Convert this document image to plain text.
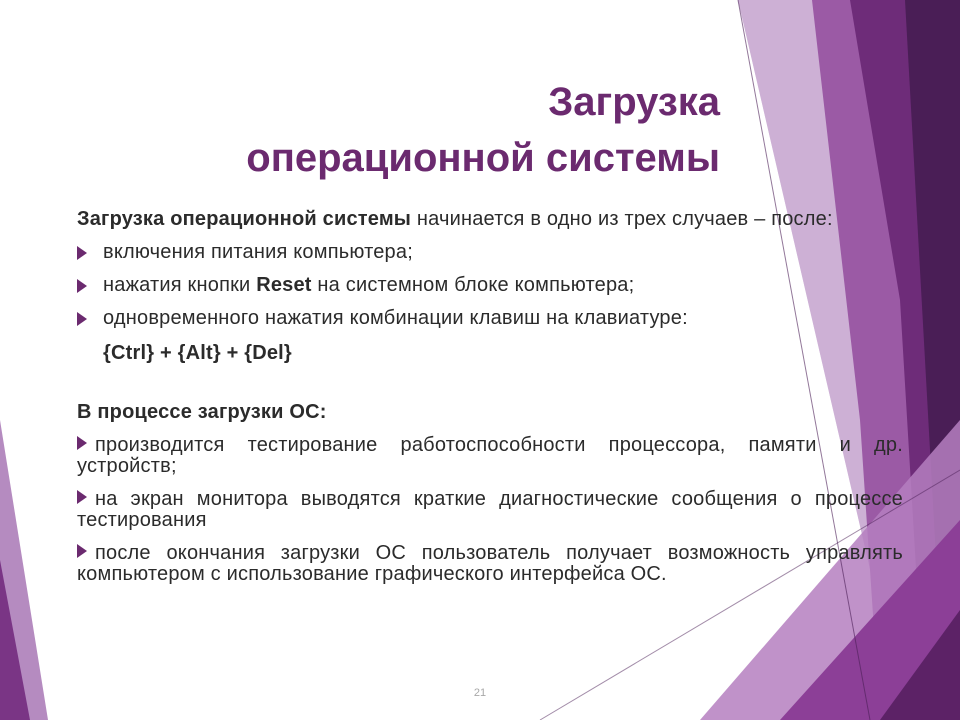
Загрузка
операционной системы

Загрузка операционной системы начинается в одно из трех случаев – после:

включения питания компьютера;
нажатия кнопки Reset на системном блоке компьютера;
одновременного нажатия комбинации клавиш на клавиатуре:
{Ctrl} + {Alt} + {Del}

В процессе загрузки ОС:

производится тестирование работоспособности процессора, памяти и др. устройств;

на экран монитора выводятся краткие диагностические сообщения о процессе тестирования

после окончания загрузки ОС пользователь получает возможность управлять компьютером с использование графического интерфейса ОС.

21
